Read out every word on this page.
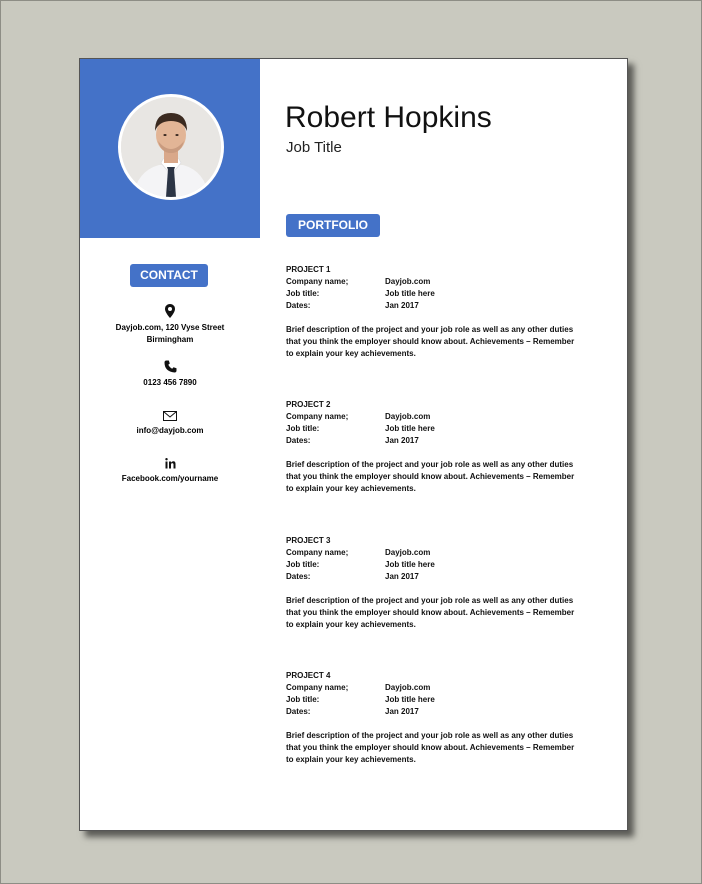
Robert Hopkins
Job Title
PORTFOLIO
CONTACT
Dayjob.com, 120 Vyse Street
Birmingham
0123 456 7890
info@dayjob.com
Facebook.com/yourname
PROJECT 1
Company name;	Dayjob.com
Job title:	Job title here
Dates:	Jan 2017
Brief description of the project and your job role as well as any other duties
that you think the employer should know about. Achievements – Remember
to explain your key achievements.
PROJECT 2
Company name;	Dayjob.com
Job title:	Job title here
Dates:	Jan 2017
Brief description of the project and your job role as well as any other duties
that you think the employer should know about. Achievements – Remember
to explain your key achievements.
PROJECT 3
Company name;	Dayjob.com
Job title:	Job title here
Dates:	Jan 2017
Brief description of the project and your job role as well as any other duties
that you think the employer should know about. Achievements – Remember
to explain your key achievements.
PROJECT 4
Company name;	Dayjob.com
Job title:	Job title here
Dates:	Jan 2017
Brief description of the project and your job role as well as any other duties
that you think the employer should know about. Achievements – Remember
to explain your key achievements.
